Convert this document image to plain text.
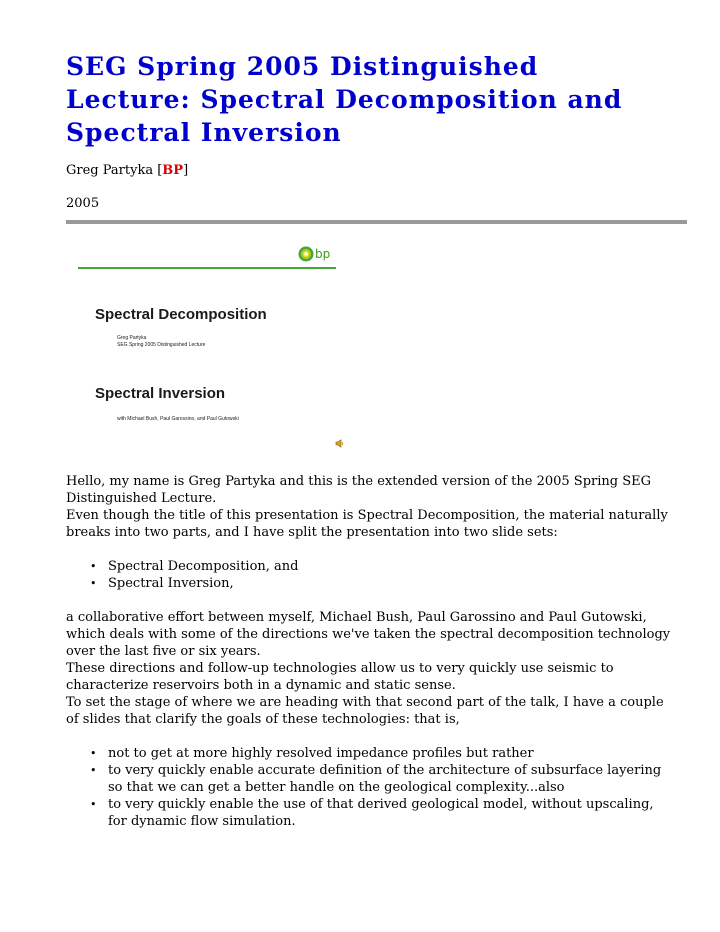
SEG Spring 2005 Distinguished Lecture: Spectral Decomposition and Spectral Inversion

Greg Partyka [BP]

2005

bp

Spectral Decomposition

Greg Partyka
SEG Spring 2005 Distinguished Lecture

Spectral Inversion

with Michael Bush, Paul Garossino, and Paul Gutowski

Hello, my name is Greg Partyka and this is the extended version of the 2005 Spring SEG Distinguished Lecture.

Even though the title of this presentation is Spectral Decomposition, the material naturally breaks into two parts, and I have split the presentation into two slide sets:

• Spectral Decomposition, and
• Spectral Inversion,

a collaborative effort between myself, Michael Bush, Paul Garossino and Paul Gutowski, which deals with some of the directions we've taken the spectral decomposition technology over the last five or six years.

These directions and follow-up technologies allow us to very quickly use seismic to characterize reservoirs both in a dynamic and static sense.

To set the stage of where we are heading with that second part of the talk, I have a couple of slides that clarify the goals of these technologies: that is,

• not to get at more highly resolved impedance profiles but rather
• to very quickly enable accurate definition of the architecture of subsurface layering so that we can get a better handle on the geological complexity...also
• to very quickly enable the use of that derived geological model, without upscaling, for dynamic flow simulation.
